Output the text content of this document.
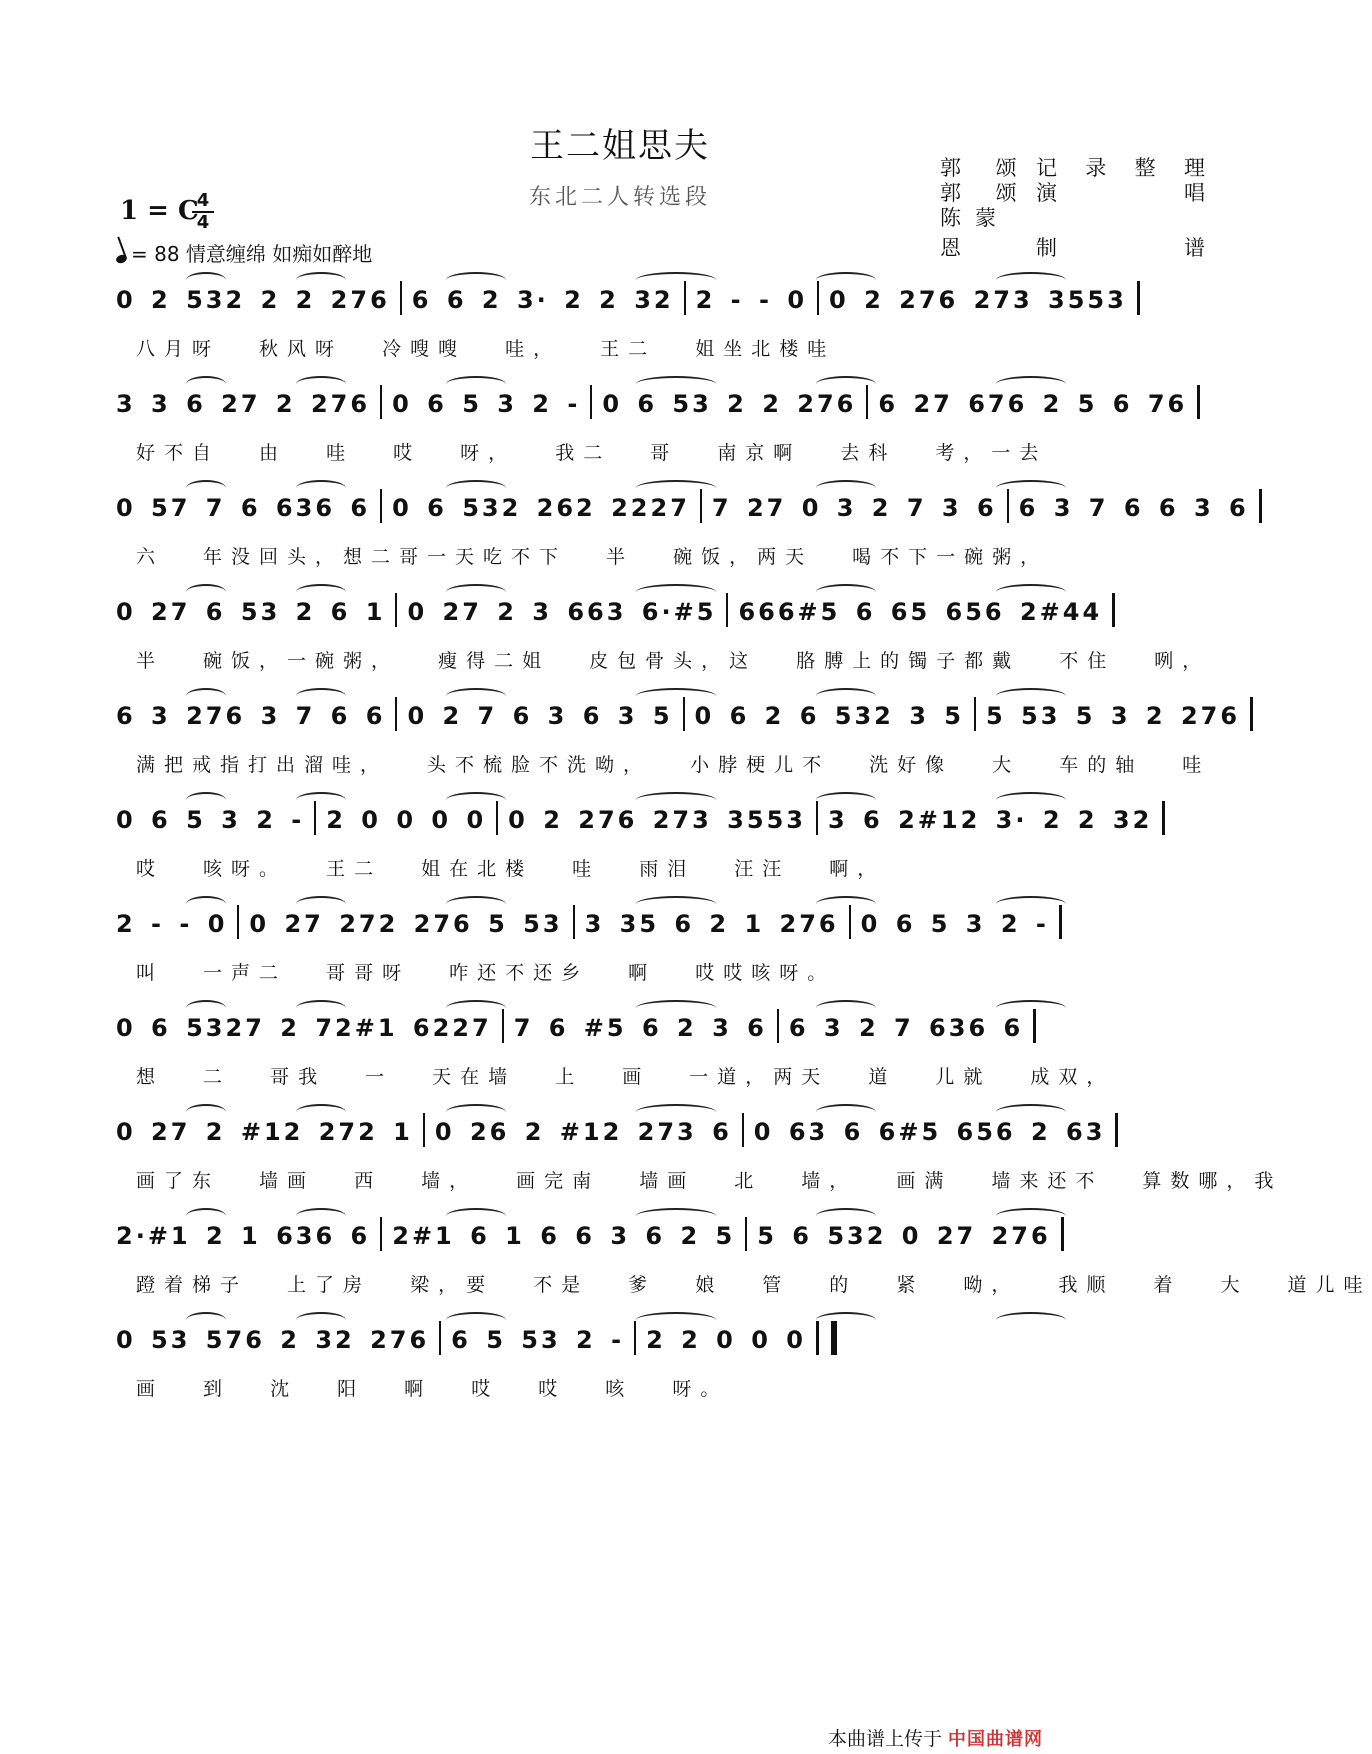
王二姐思夫
东北二人转选段
郭 颂 记录整理
郭 颂 演唱
陈蒙恩	制谱
1 = C
4
4
= 88 情意缠绵 如痴如醉地
0 2 532 2 2 276 6 6 2 3· 2 2 32 2 - - 0 0 2 276 273 3553
八月呀 秋风呀 冷嗖嗖 哇， 王二 姐坐北楼哇
3 3 6 27 2 276 0 6 5 3 2 - 0 6 53 2 2 276 6 27 676 2 5 6 76
好不自 由 哇 哎 呀， 我二 哥 南京啊 去科 考，一去
0 57 7 6 636 6 0 6 532 262 2227 7 27 0 3 2 7 3 6 6 3 7 6 6 3 6
六 年没回头，想二哥一天吃不下 半 碗饭，两天 喝不下一碗粥，
0 27 6 53 2 6 1 0 27 2 3 663 6·#5 666#5 6 65 656 2#44
半 碗饭，一碗粥， 瘦得二姐 皮包骨头，这 胳膊上的镯子都戴 不住 咧，
6 3 276 3 7 6 6 0 2 7 6 3 6 3 5 0 6 2 6 532 3 5 5 53 5 3 2 276
满把戒指打出溜哇， 头不梳脸不洗呦， 小脖梗儿不 洗好像 大 车的轴 哇
0 6 5 3 2 - 2 0 0 0 0 0 2 276 273 3553 3 6 2#12 3· 2 2 32
哎 咳呀。 王二 姐在北楼 哇 雨泪 汪汪 啊，
2 - - 0 0 27 272 276 5 53 3 35 6 2 1 276 0 6 5 3 2 -
叫 一声二 哥哥呀 咋还不还乡 啊 哎哎咳呀。
0 6 5327 2 72#1 6227 7 6 #5 6 2 3 6 6 3 2 7 636 6
想 二 哥我 一 天在墙 上 画 一道，两天 道 儿就 成双，
0 27 2 #12 272 1 0 26 2 #12 273 6 0 63 6 6#5 656 2 63
画了东 墙画 西 墙， 画完南 墙画 北 墙， 画满 墙来还不 算数哪，我
2·#1 2 1 636 6 2#1 6 1 6 6 3 6 2 5 5 6 532 0 27 276
蹬着梯子 上了房 梁，要 不是 爹 娘 管 的 紧 呦， 我顺 着 大 道儿哇
0 53 576 2 32 276 6 5 53 2 - 2 2 0 0 0
画 到 沈 阳 啊 哎 哎 咳 呀。
本曲谱上传于 中国曲谱网
